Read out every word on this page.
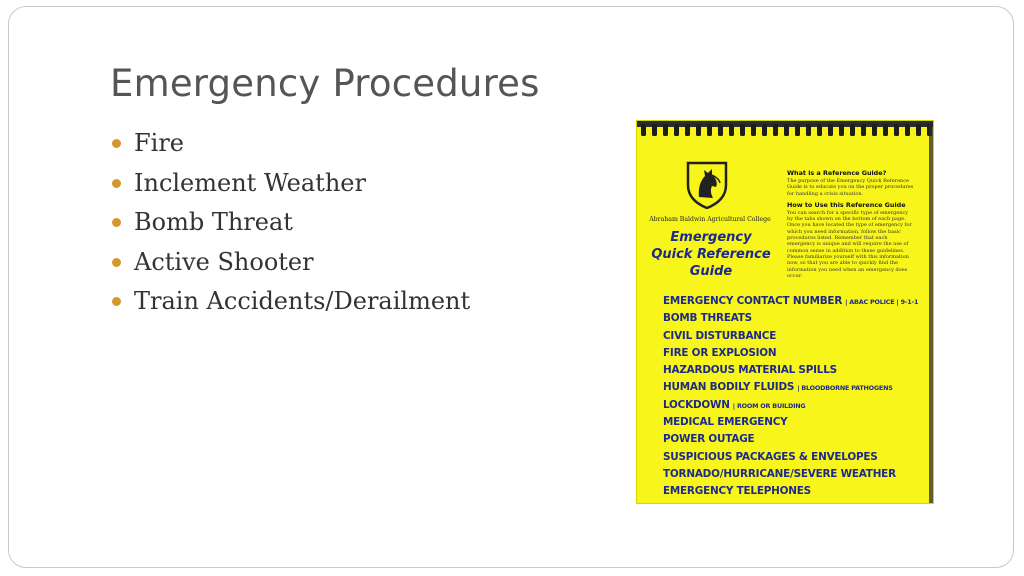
Emergency Procedures
Fire
Inclement Weather
Bomb Threat
Active Shooter
Train Accidents/Derailment
Abraham Baldwin Agricultural College
Emergency
Quick Reference
Guide
What is a Reference Guide?

The purpose of the Emergency Quick Reference Guide is to educate you on the proper procedures for handling a crisis situation.

How to Use this Reference Guide

You can search for a specific type of emergency by the tabs shown on the bottom of each page. Once you have located the type of emergency for which you need information, follow the basic procedures listed. Remember that each emergency is unique and will require the use of common sense in addition to these guidelines. Please familiarize yourself with this information now, so that you are able to quickly find the information you need when an emergency does occur.

EMERGENCY CONTACT NUMBER | ABAC POLICE | 9-1-1
BOMB THREATS
CIVIL DISTURBANCE
FIRE OR EXPLOSION
HAZARDOUS MATERIAL SPILLS
HUMAN BODILY FLUIDS | BLOODBORNE PATHOGENS
LOCKDOWN | ROOM OR BUILDING
MEDICAL EMERGENCY
POWER OUTAGE
SUSPICIOUS PACKAGES & ENVELOPES
TORNADO/HURRICANE/SEVERE WEATHER
EMERGENCY TELEPHONES
